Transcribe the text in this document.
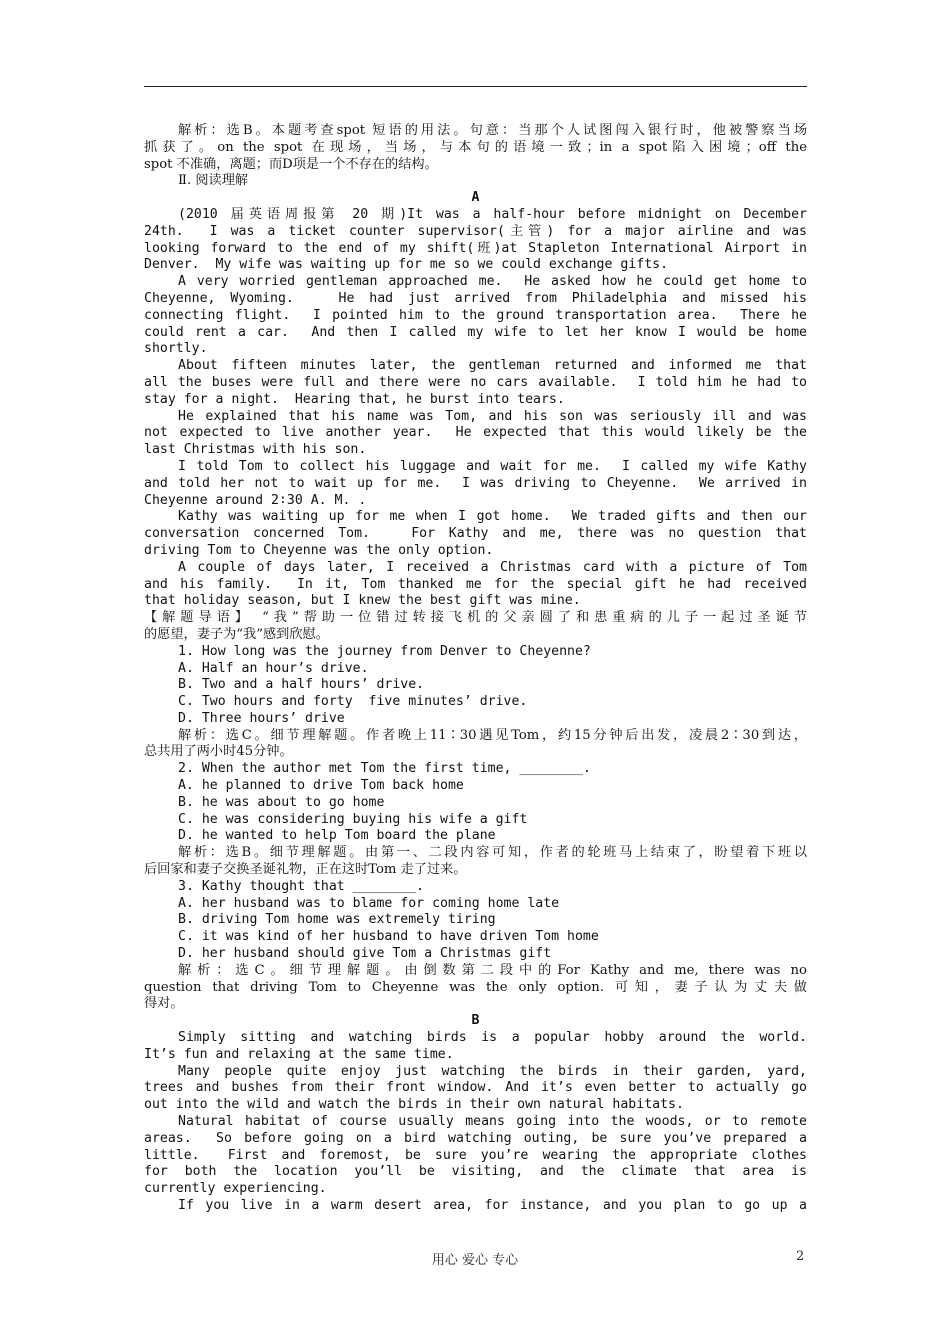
解析：选B。本题考查spot 短语的用法。句意：当那个人试图闯入银行时，他被警察当场
抓获了。on the spot 在现场，当场，与本句的语境一致；in a spot陷入困境；off the
spot 不准确，离题；而D项是一个不存在的结构。
Ⅱ. 阅读理解
A
(2010 届英语周报第 20 期)It was a half-hour before midnight on December
24th.  I was a ticket counter supervisor(主管) for a major airline and was
looking forward to the end of my shift(班)at Stapleton International Airport in
Denver.  My wife was waiting up for me so we could exchange gifts.
A very worried gentleman approached me.  He asked how he could get home to
Cheyenne, Wyoming.   He had just arrived from Philadelphia and missed his
connecting flight.  I pointed him to the ground transportation area.  There he
could rent a car.  And then I called my wife to let her know I would be home
shortly.
About fifteen minutes later, the gentleman returned and informed me that
all the buses were full and there were no cars available.  I told him he had to
stay for a night.  Hearing that, he burst into tears.
He explained that his name was Tom, and his son was seriously ill and was
not expected to live another year.  He expected that this would likely be the
last Christmas with his son.
I told Tom to collect his luggage and wait for me.  I called my wife Kathy
and told her not to wait up for me.  I was driving to Cheyenne.  We arrived in
Cheyenne around 2∶30 A. M. .
Kathy was waiting up for me when I got home.  We traded gifts and then our
conversation concerned Tom.   For Kathy and me, there was no question that
driving Tom to Cheyenne was the only option.
A couple of days later, I received a Christmas card with a picture of Tom
and his family.  In it, Tom thanked me for the special gift he had received
that holiday season, but I knew the best gift was mine.
【解题导语】 “我”帮助一位错过转接飞机的父亲圆了和患重病的儿子一起过圣诞节
的愿望，妻子为“我”感到欣慰。
1. How long was the journey from Denver to Cheyenne?
A. Half an hour’s drive.
B. Two and a half hours’ drive.
C. Two hours and forty  five minutes’ drive.
D. Three hours’ drive
解析：选C。细节理解题。作者晚上11∶30遇见Tom，约15分钟后出发，凌晨2∶30到达，
总共用了两小时45分钟。
2. When the author met Tom the first time, ________.
A. he planned to drive Tom back home
B. he was about to go home
C. he was considering buying his wife a gift
D. he wanted to help Tom board the plane
解析：选B。细节理解题。由第一、二段内容可知，作者的轮班马上结束了，盼望着下班以
后回家和妻子交换圣诞礼物，正在这时Tom 走了过来。
3. Kathy thought that ________.
A. her husband was to blame for coming home late
B. driving Tom home was extremely tiring
C. it was kind of her husband to have driven Tom home
D. her husband should give Tom a Christmas gift
解析：选C。细节理解题。由倒数第二段中的For Kathy and me, there was no
question that driving Tom to Cheyenne was the only option. 可知，妻子认为丈夫做
得对。
B
Simply sitting and watching birds is a popular hobby around the world.
It’s fun and relaxing at the same time.
Many people quite enjoy just watching the birds in their garden, yard,
trees and bushes from their front window. And it’s even better to actually go
out into the wild and watch the birds in their own natural habitats.
Natural habitat of course usually means going into the woods, or to remote
areas.  So before going on a bird watching outing, be sure you’ve prepared a
little.  First and foremost, be sure you’re wearing the appropriate clothes
for both the location you’ll be visiting, and the climate that area is
currently experiencing.
If you live in a warm desert area, for instance, and you plan to go up a
用心 爱心 专心	2
